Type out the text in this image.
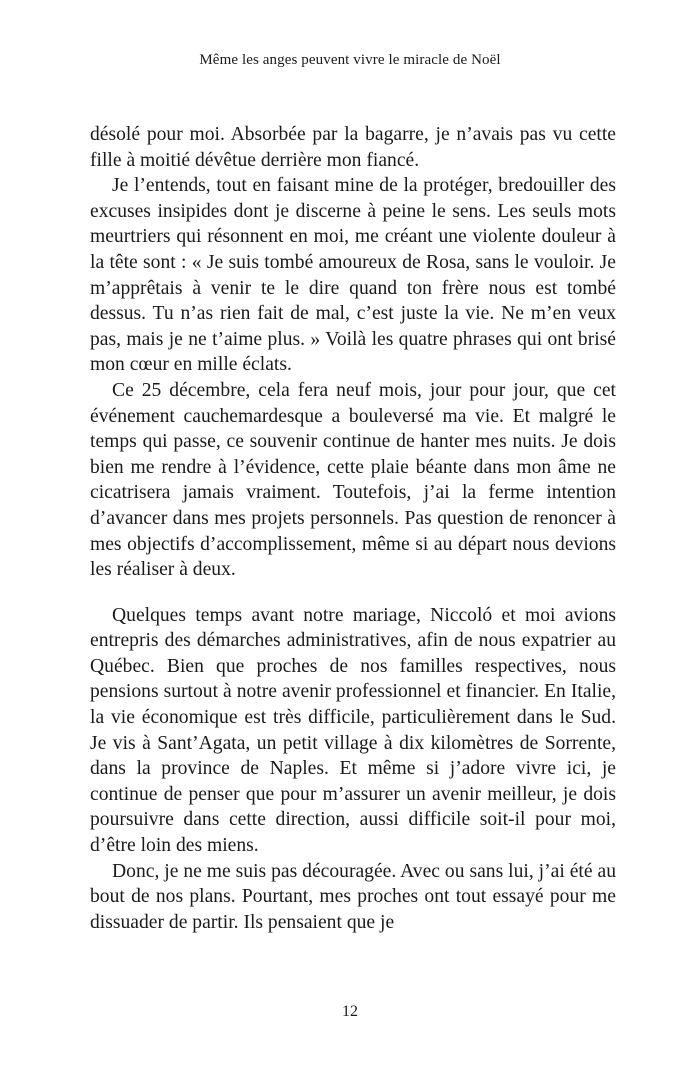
Même les anges peuvent vivre le miracle de Noël

désolé pour moi. Absorbée par la bagarre, je n’avais pas vu cette fille à moitié dévêtue derrière mon fiancé.

Je l’entends, tout en faisant mine de la protéger, bredouiller des excuses insipides dont je discerne à peine le sens. Les seuls mots meurtriers qui résonnent en moi, me créant une violente douleur à la tête sont : « Je suis tombé amoureux de Rosa, sans le vouloir. Je m’apprêtais à venir te le dire quand ton frère nous est tombé dessus. Tu n’as rien fait de mal, c’est juste la vie. Ne m’en veux pas, mais je ne t’aime plus. » Voilà les quatre phrases qui ont brisé mon cœur en mille éclats.

Ce 25 décembre, cela fera neuf mois, jour pour jour, que cet événement cauchemardesque a bouleversé ma vie. Et malgré le temps qui passe, ce souvenir continue de hanter mes nuits. Je dois bien me rendre à l’évidence, cette plaie béante dans mon âme ne cicatrisera jamais vraiment. Toutefois, j’ai la ferme intention d’avancer dans mes projets personnels. Pas question de renoncer à mes objectifs d’accomplissement, même si au départ nous devions les réaliser à deux.

Quelques temps avant notre mariage, Niccoló et moi avions entrepris des démarches administratives, afin de nous expatrier au Québec. Bien que proches de nos familles respectives, nous pensions surtout à notre avenir professionnel et financier. En Italie, la vie économique est très difficile, particulièrement dans le Sud. Je vis à Sant’Agata, un petit village à dix kilomètres de Sorrente, dans la province de Naples. Et même si j’adore vivre ici, je continue de penser que pour m’assurer un avenir meilleur, je dois poursuivre dans cette direction, aussi difficile soit-il pour moi, d’être loin des miens.

Donc, je ne me suis pas découragée. Avec ou sans lui, j’ai été au bout de nos plans. Pourtant, mes proches ont tout essayé pour me dissuader de partir. Ils pensaient que je

12
